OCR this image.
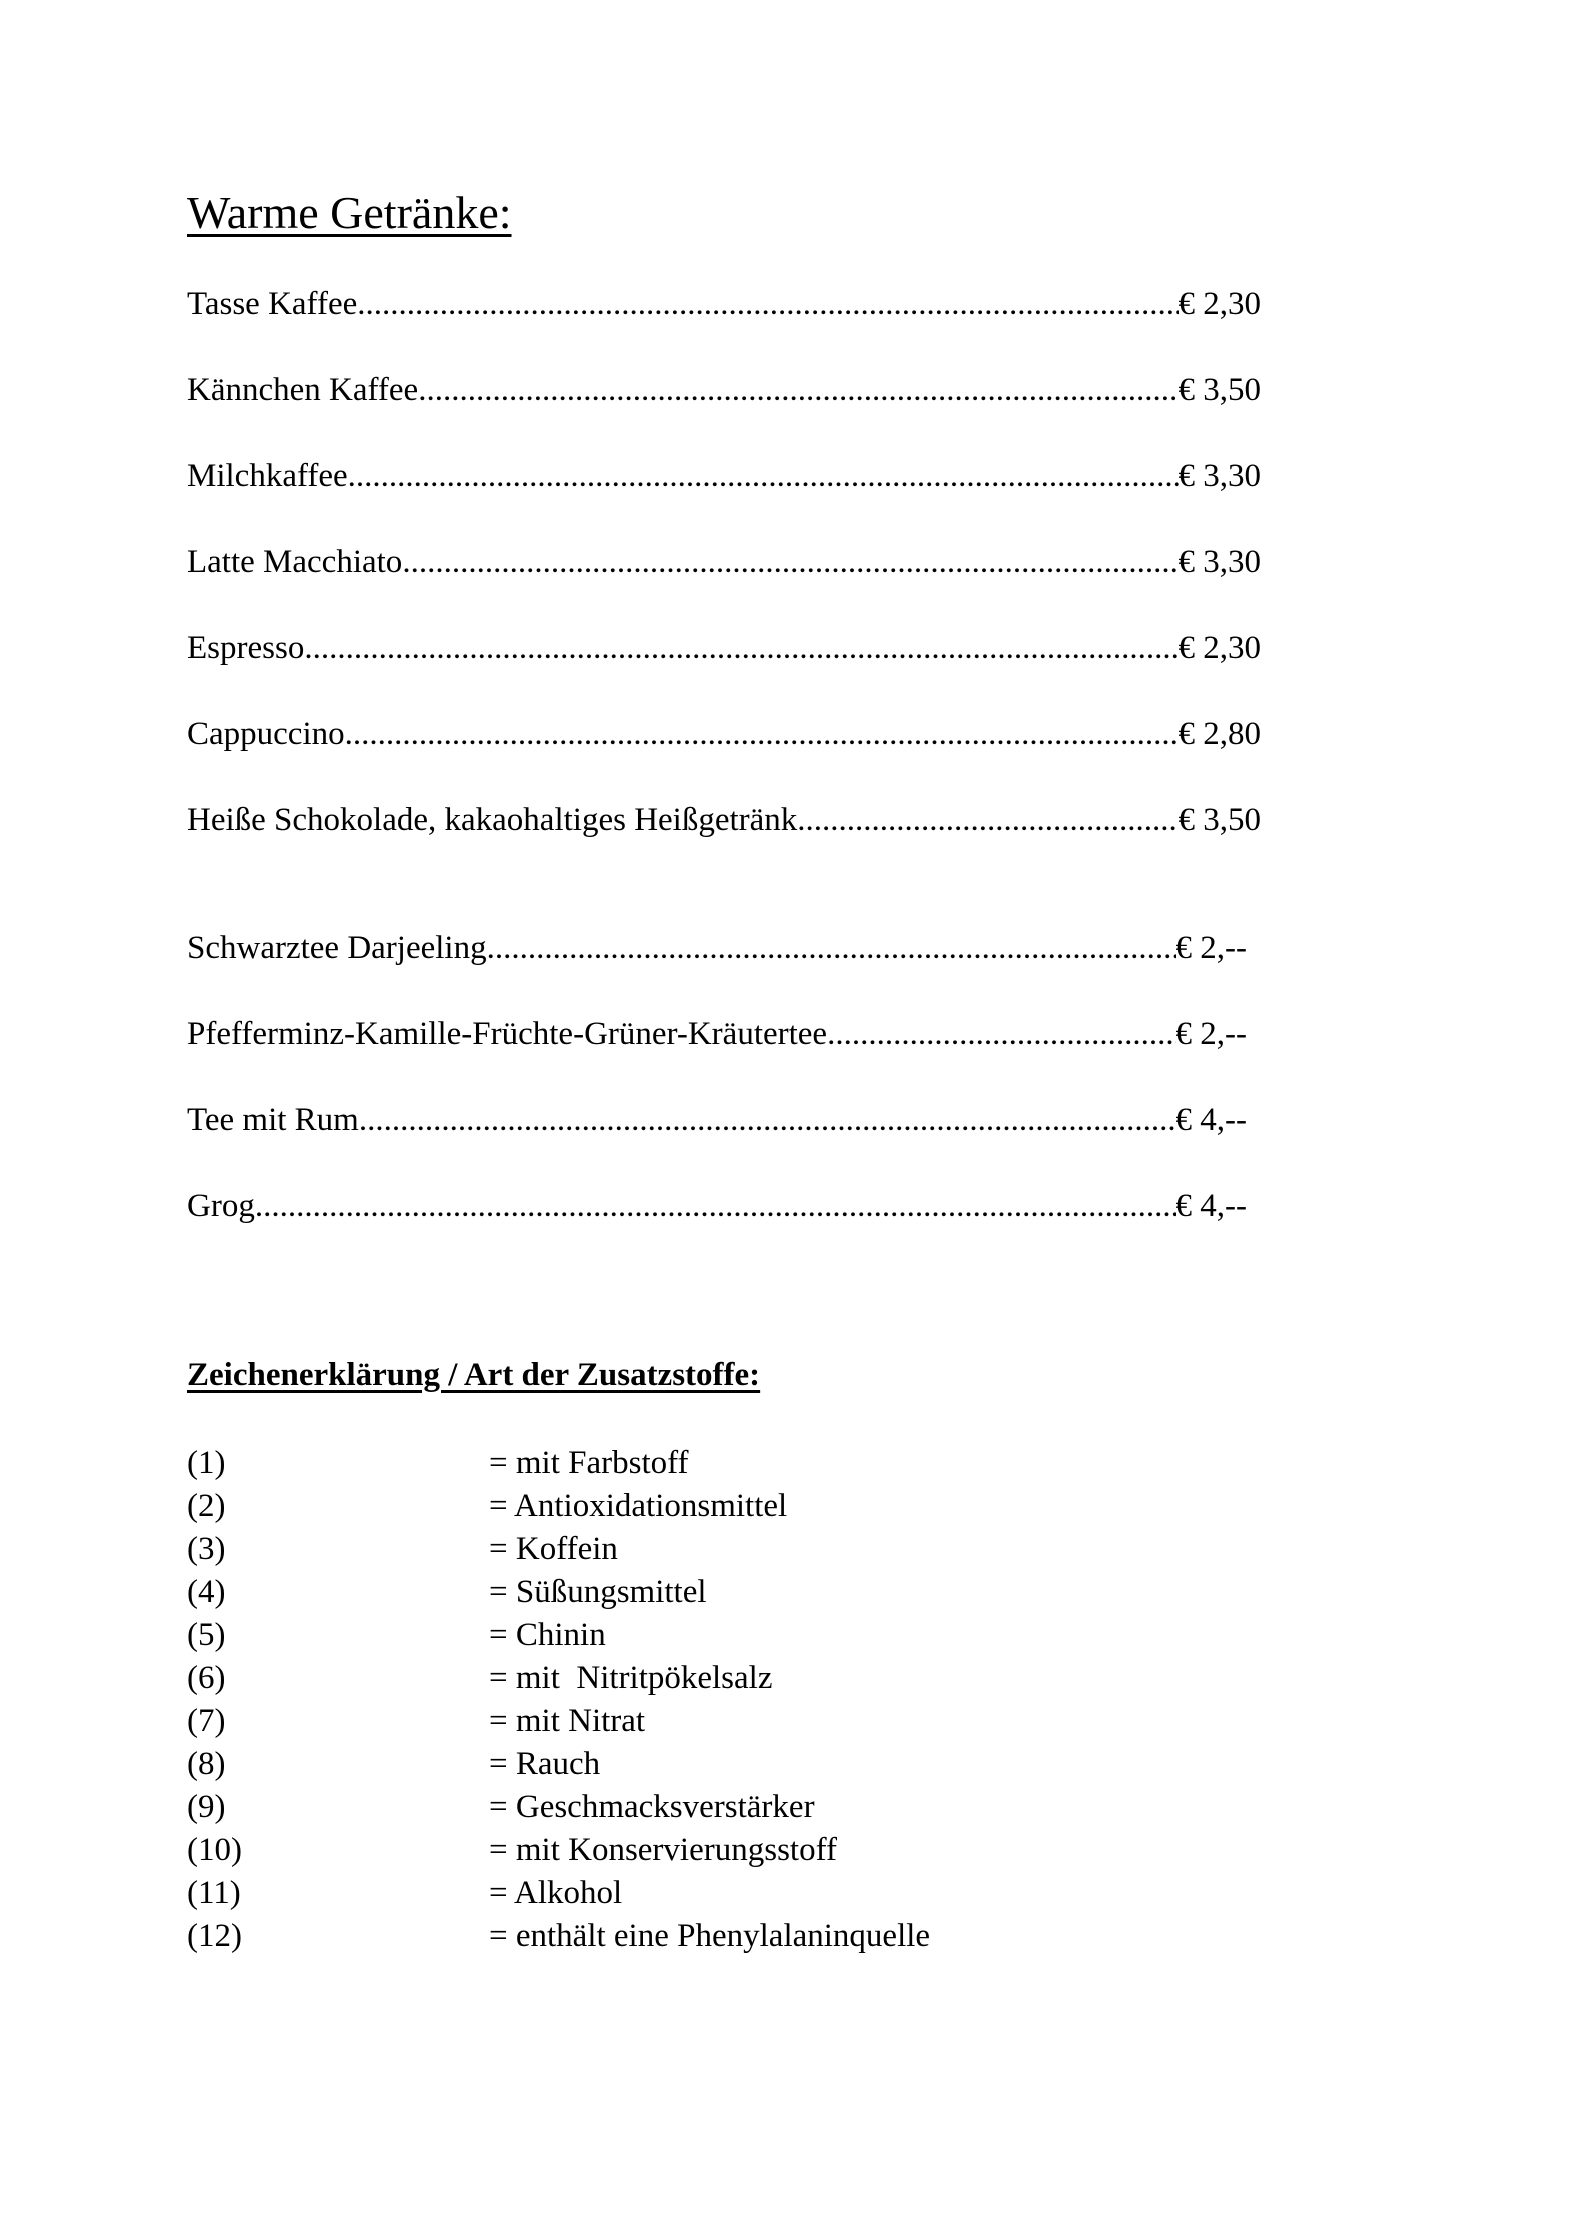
Warme Getränke:
Tasse Kaffee .....	€ 2,30
Kännchen Kaffee .....	€ 3,50
Milchkaffee .....	€ 3,30
Latte Macchiato .....	€ 3,30
Espresso .....	€ 2,30
Cappuccino .....	€ 2,80
Heiße Schokolade, kakaohaltiges Heißgetränk .....	€ 3,50
Schwarztee Darjeeling .....	€ 2,--
Pfefferminz-Kamille-Früchte-Grüner-Kräutertee .....	€ 2,--
Tee mit Rum .....	€ 4,--
Grog .....	€ 4,--
Zeichenerklärung / Art der Zusatzstoffe:
(1)	= mit Farbstoff
(2)	= Antioxidationsmittel
(3)	= Koffein
(4)	= Süßungsmittel
(5)	= Chinin
(6)	= mit  Nitritpökelsalz
(7)	= mit Nitrat
(8)	= Rauch
(9)	= Geschmacksverstärker
(10)	= mit Konservierungsstoff
(11)	= Alkohol
(12)	= enthält eine Phenylalaninquelle
